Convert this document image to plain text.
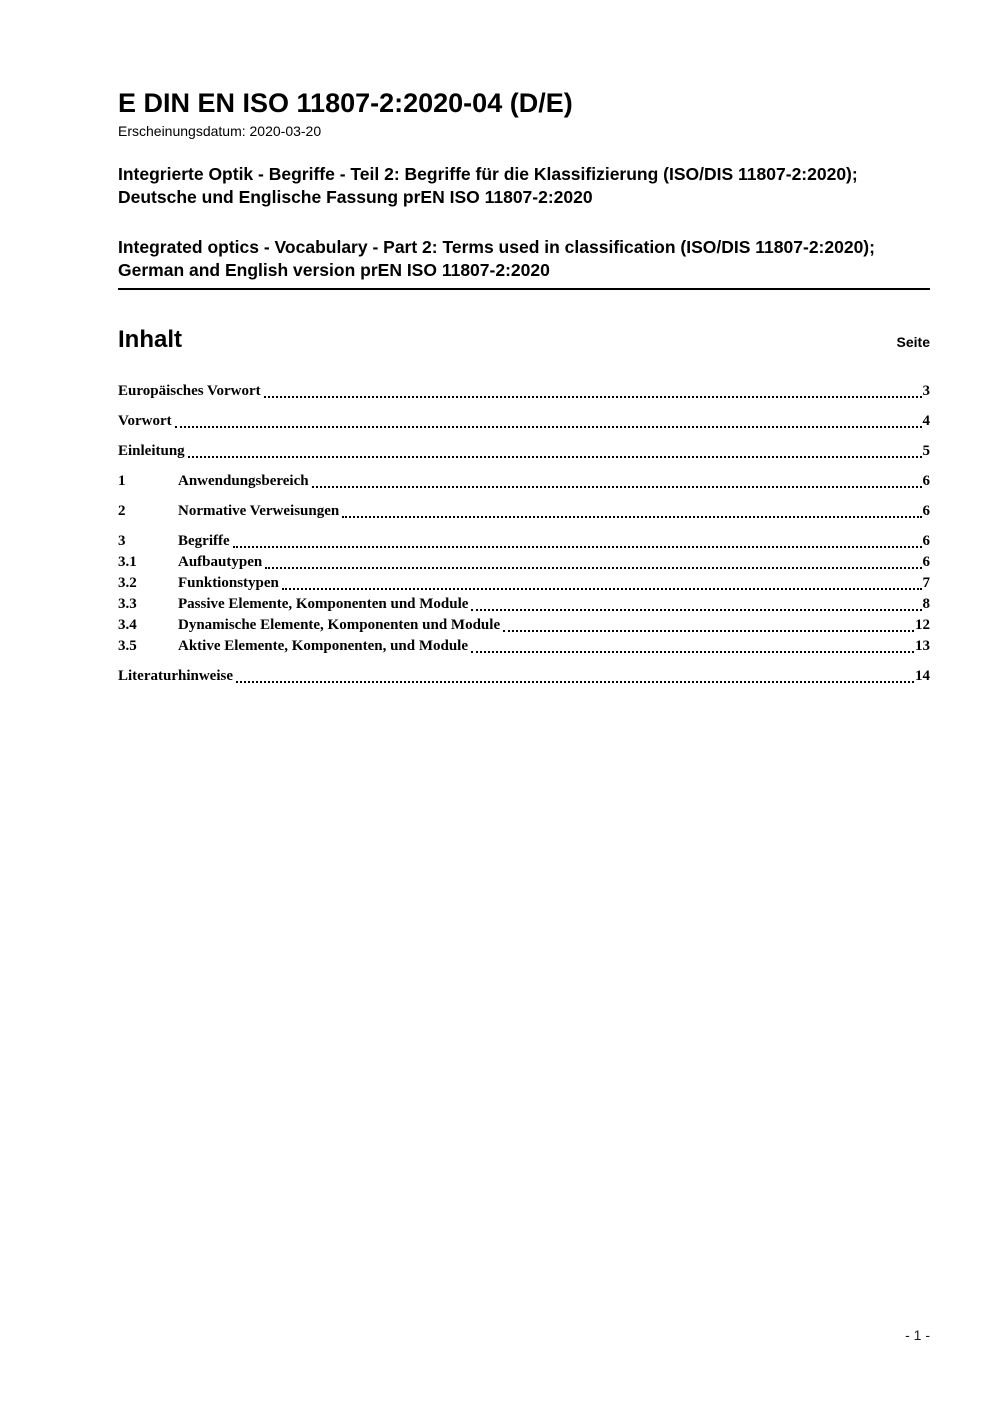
E DIN EN ISO 11807-2:2020-04 (D/E)
Erscheinungsdatum: 2020-03-20
Integrierte Optik - Begriffe - Teil 2: Begriffe für die Klassifizierung (ISO/DIS 11807-2:2020); Deutsche und Englische Fassung prEN ISO 11807-2:2020
Integrated optics - Vocabulary - Part 2: Terms used in classification (ISO/DIS 11807-2:2020); German and English version prEN ISO 11807-2:2020
Inhalt	Seite
Europäisches Vorwort	3
Vorwort	4
Einleitung	5
1	Anwendungsbereich	6
2	Normative Verweisungen	6
3	Begriffe	6
3.1	Aufbautypen	6
3.2	Funktionstypen	7
3.3	Passive Elemente, Komponenten und Module	8
3.4	Dynamische Elemente, Komponenten und Module	12
3.5	Aktive Elemente, Komponenten, und Module	13
Literaturhinweise	14
- 1 -
